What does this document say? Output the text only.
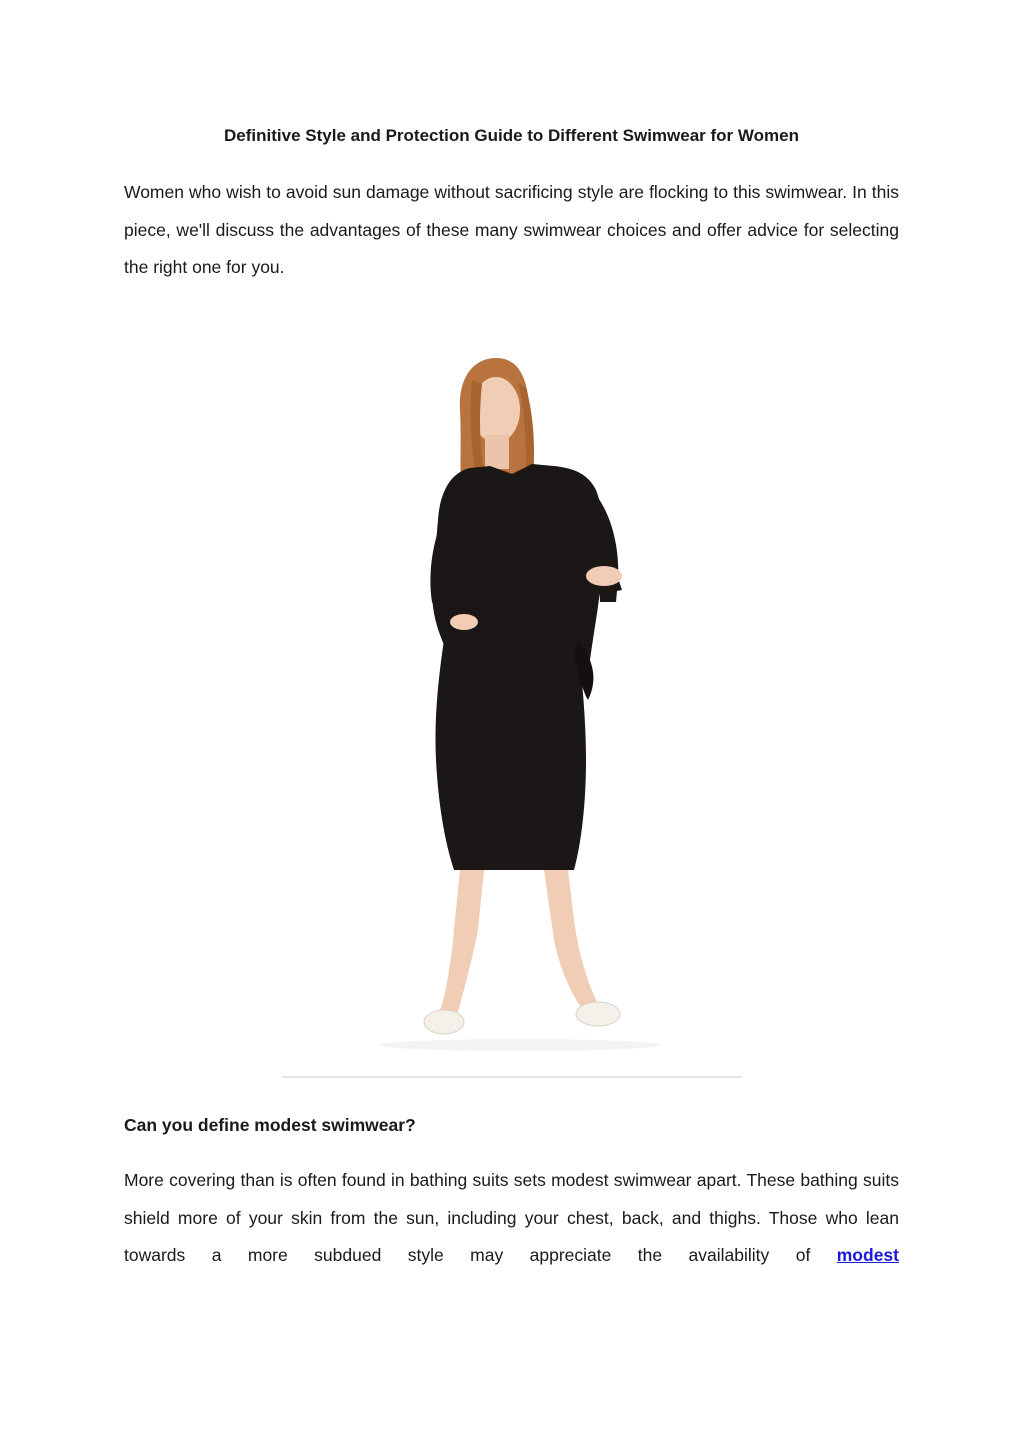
Definitive Style and Protection Guide to Different Swimwear for Women

Women who wish to avoid sun damage without sacrificing style are flocking to this swimwear. In this piece, we'll discuss the advantages of these many swimwear choices and offer advice for selecting the right one for you.

Can you define modest swimwear?

More covering than is often found in bathing suits sets modest swimwear apart. These bathing suits shield more of your skin from the sun, including your chest, back, and thighs. Those who lean towards a more subdued style may appreciate the availability of modest
